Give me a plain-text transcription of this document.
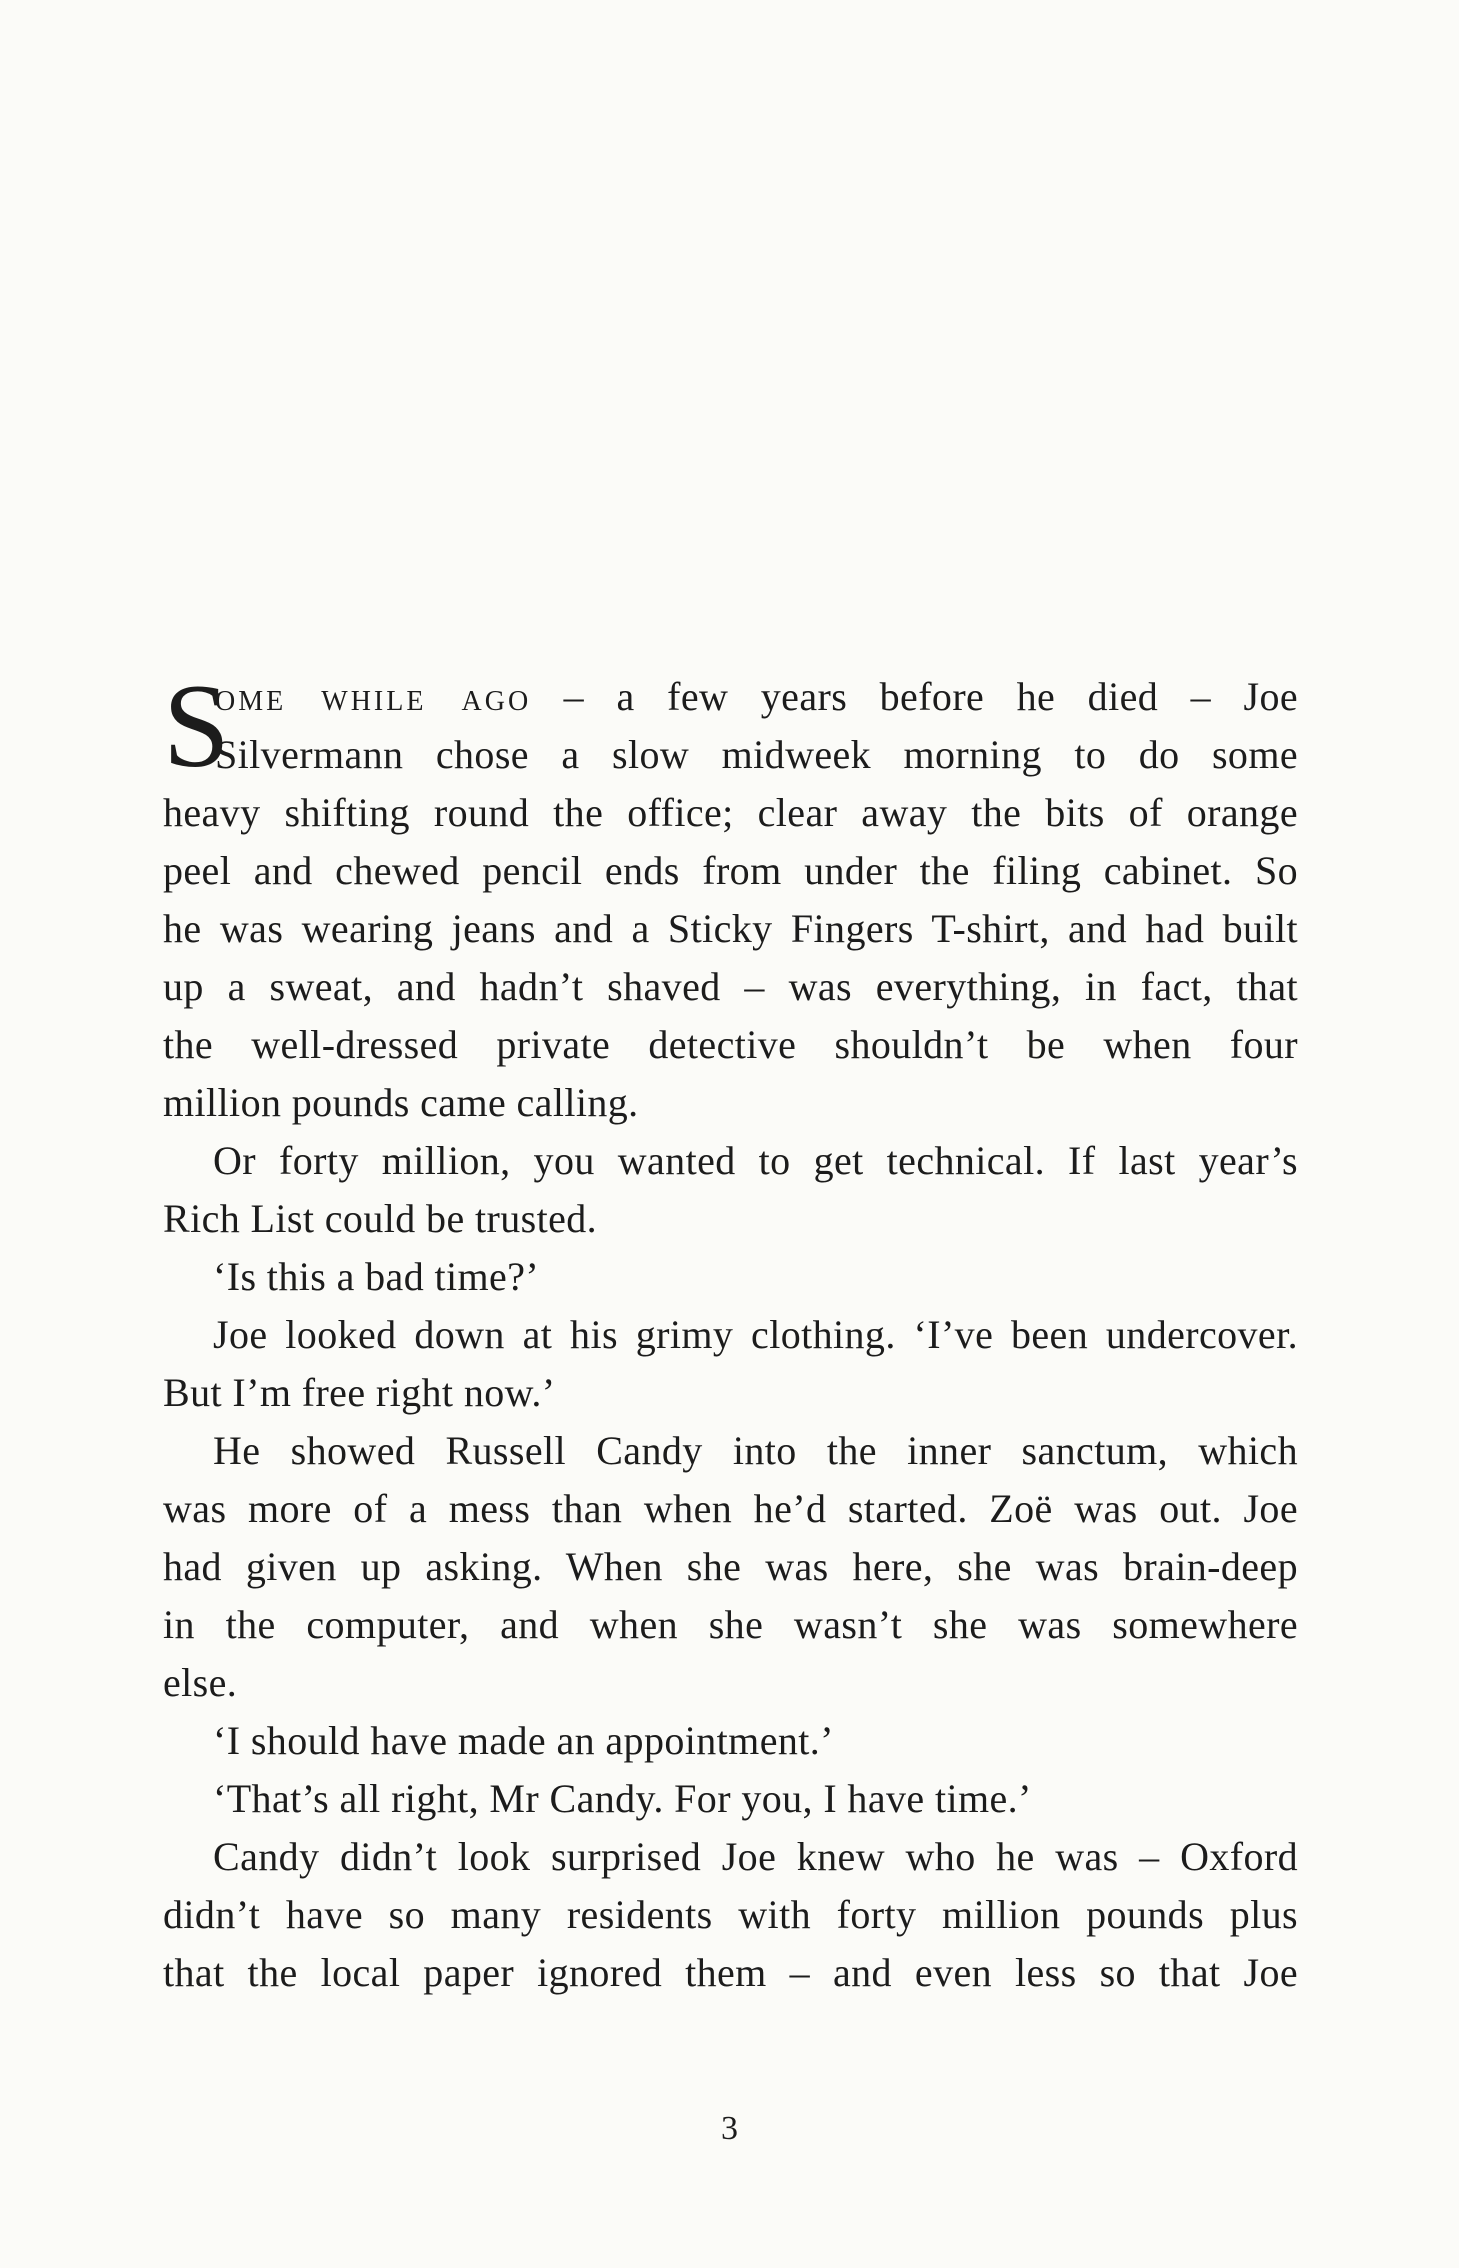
S
ome while ago – a few years before he died – Joe
Silvermann chose a slow midweek morning to do some
heavy shifting round the office; clear away the bits of orange
peel and chewed pencil ends from under the filing cabinet. So
he was wearing jeans and a Sticky Fingers T-shirt, and had built
up a sweat, and hadn’t shaved – was everything, in fact, that
the well-dressed private detective shouldn’t be when four
million pounds came calling.
Or forty million, you wanted to get technical. If last year’s
Rich List could be trusted.
‘Is this a bad time?’
Joe looked down at his grimy clothing. ‘I’ve been undercover.
But I’m free right now.’
He showed Russell Candy into the inner sanctum, which
was more of a mess than when he’d started. Zoë was out. Joe
had given up asking. When she was here, she was brain-deep
in the computer, and when she wasn’t she was somewhere
else.
‘I should have made an appointment.’
‘That’s all right, Mr Candy. For you, I have time.’
Candy didn’t look surprised Joe knew who he was – Oxford
didn’t have so many residents with forty million pounds plus
that the local paper ignored them – and even less so that Joe
3
